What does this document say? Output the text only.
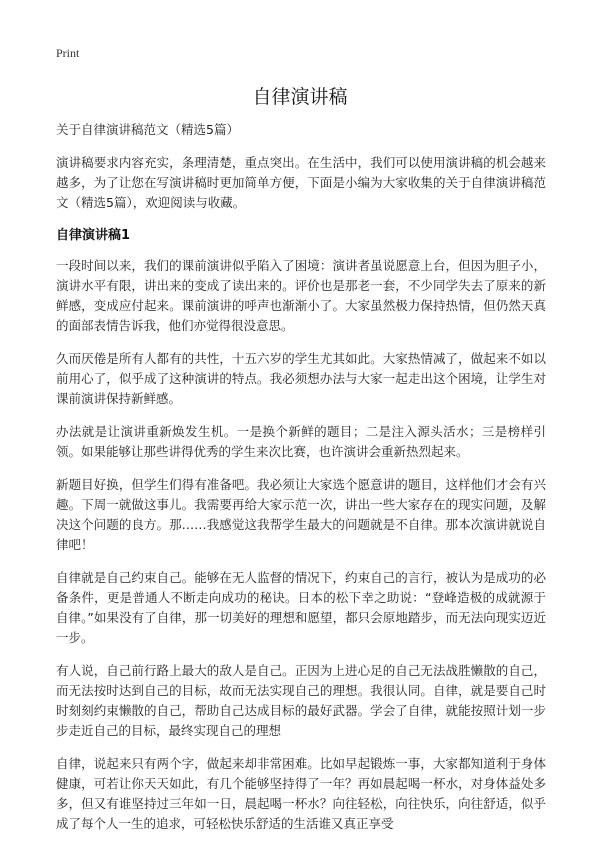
Print
自律演讲稿

关于自律演讲稿范文（精选5篇）

演讲稿要求内容充实，条理清楚，重点突出。在生活中，我们可以使用演讲稿的机会越来越多，为了让您在写演讲稿时更加简单方便，下面是小编为大家收集的关于自律演讲稿范文（精选5篇），欢迎阅读与收藏。

自律演讲稿1

一段时间以来，我们的课前演讲似乎陷入了困境：演讲者虽说愿意上台，但因为胆子小，演讲水平有限，讲出来的变成了读出来的。评价也是那老一套，不少同学失去了原来的新鲜感，变成应付起来。课前演讲的呼声也渐渐小了。大家虽然极力保持热情，但仍然天真的面部表情告诉我，他们亦觉得很没意思。

久而厌倦是所有人都有的共性，十五六岁的学生尤其如此。大家热情减了，做起来不如以前用心了，似乎成了这种演讲的特点。我必须想办法与大家一起走出这个困境，让学生对课前演讲保持新鲜感。

办法就是让演讲重新焕发生机。一是换个新鲜的题目；二是注入源头活水；三是榜样引领。如果能够让那些讲得优秀的学生来次比赛，也许演讲会重新热烈起来。

新题目好换，但学生们得有准备吧。我必须让大家选个愿意讲的题目，这样他们才会有兴趣。下周一就做这事儿。我需要再给大家示范一次，讲出一些大家存在的现实问题，及解决这个问题的良方。那……我感觉这我帮学生最大的问题就是不自律。那本次演讲就说自律吧！

自律就是自己约束自己。能够在无人监督的情况下，约束自己的言行，被认为是成功的必备条件，更是普通人不断走向成功的秘诀。日本的松下幸之助说：“登峰造极的成就源于自律。”如果没有了自律，那一切美好的理想和愿望，都只会原地踏步，而无法向现实迈近一步。

有人说，自己前行路上最大的敌人是自己。正因为上进心足的自己无法战胜懒散的自己，而无法按时达到自己的目标，故而无法实现自己的理想。我很认同。自律，就是要自己时时刻刻约束懒散的自己，帮助自己达成目标的最好武器。学会了自律，就能按照计划一步步走近自己的目标，最终实现自己的理想

自律，说起来只有两个字，做起来却非常困难。比如早起锻炼一事，大家都知道利于身体健康，可若让你天天如此，有几个能够坚持得了一年？再如晨起喝一杯水，对身体益处多多，但又有谁坚持过三年如一日，晨起喝一杯水？向往轻松，向往快乐，向往舒适，似乎成了每个人一生的追求，可轻松快乐舒适的生活谁又真正享受
